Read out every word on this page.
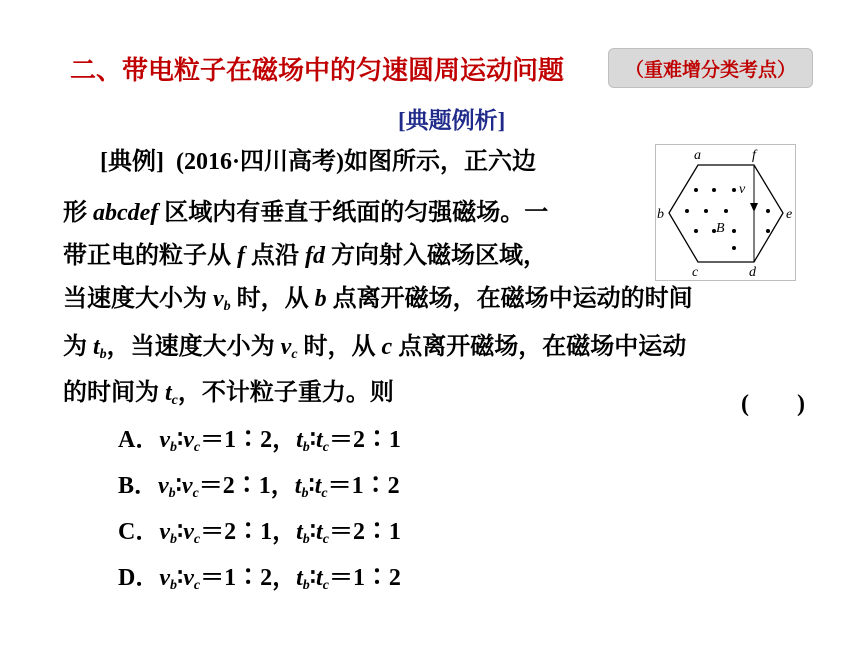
二、带电粒子在磁场中的匀速圆周运动问题	（重难增分类考点）
[典题例析]
[典例] (2016·四川高考)如图所示，正六边
形 abcdef 区域内有垂直于纸面的匀强磁场。一
带正电的粒子从 f 点沿 fd 方向射入磁场区域，
当速度大小为 $v_b$ 时，从 b 点离开磁场，在磁场中运动的时间
为 $t_b$，当速度大小为 $v_c$ 时，从 c 点离开磁场，在磁场中运动
的时间为 $t_c$，不计粒子重力。则	(　　)
A．$v_b∶v_c=1∶2$，$t_b∶t_c=2∶1$
B．$v_b∶v_c=2∶1$，$t_b∶t_c=1∶2$
C．$v_b∶v_c=2∶1$，$t_b∶t_c=2∶1$
D．$v_b∶v_c=1∶2$，$t_b∶t_c=1∶2$
a	f
b	e
c	d
v
B
